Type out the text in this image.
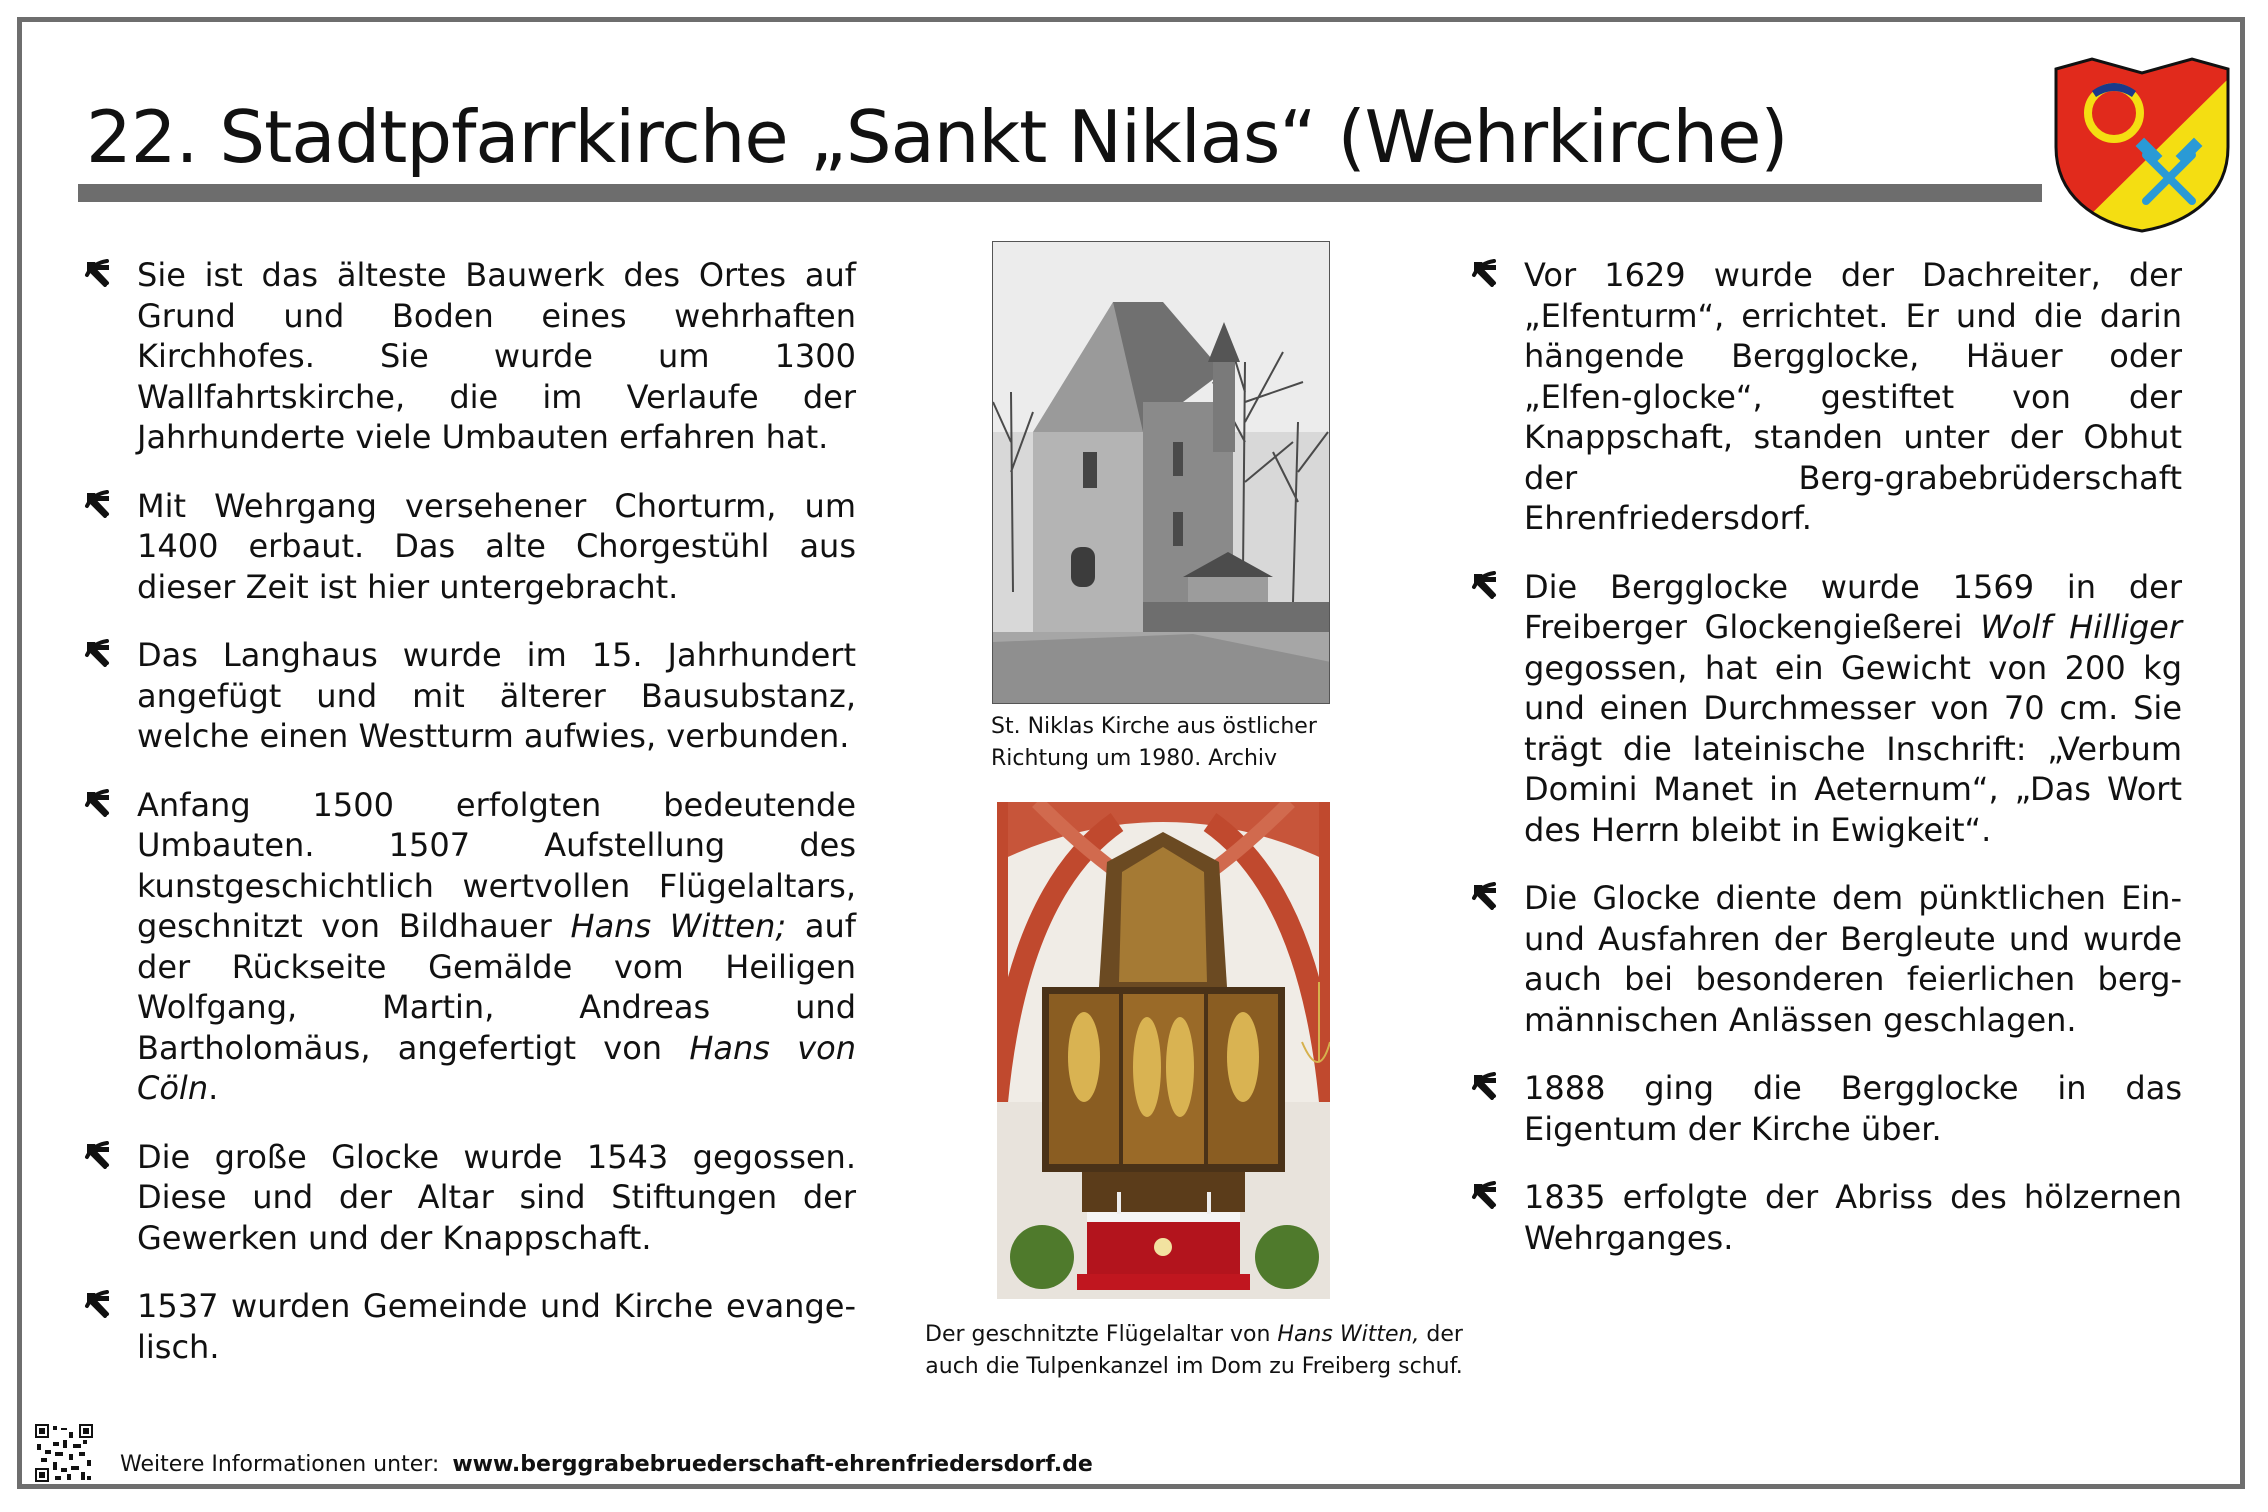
22. Stadtpfarrkirche „Sankt Niklas“ (Wehrkirche)
Sie ist das älteste Bauwerk des Ortes auf Grund und Boden eines wehrhaften Kirchhofes. Sie wurde um 1300 Wallfahrtskirche, die im Verlaufe der Jahrhunderte viele Umbauten erfahren hat.
Mit Wehrgang versehener Chorturm, um 1400 erbaut. Das alte Chorgestühl aus dieser Zeit ist hier untergebracht.
Das Langhaus wurde im 15. Jahrhundert angefügt und mit älterer Bausubstanz, welche einen Westturm aufwies, verbunden.
Anfang 1500 erfolgten bedeutende Umbauten. 1507 Aufstellung des kunstgeschichtlich wertvollen Flügelaltars, geschnitzt von Bildhauer Hans Witten; auf der Rückseite Gemälde vom Heiligen Wolfgang, Martin, Andreas und Bartholomäus, angefertigt von Hans von Cöln.
Die große Glocke wurde 1543 gegossen. Diese und der Altar sind Stiftungen der Gewerken und der Knappschaft.
1537 wurden Gemeinde und Kirche evange-lisch.
St. Niklas Kirche aus östlicher
Richtung um 1980. Archiv
Der geschnitzte Flügelaltar von Hans Witten, der
auch die Tulpenkanzel im Dom zu Freiberg schuf.
Vor 1629 wurde der Dachreiter, der „Elfenturm“, errichtet. Er und die darin hängende Bergglocke, Häuer oder „Elfen-glocke“, gestiftet von der Knappschaft, standen unter der Obhut der Berg-grabebrüderschaft Ehrenfriedersdorf.
Die Bergglocke wurde 1569 in der Freiberger Glockengießerei Wolf Hilliger gegossen, hat ein Gewicht von 200 kg und einen Durchmesser von 70 cm. Sie trägt die lateinische Inschrift: „Verbum Domini Manet in Aeternum“, „Das Wort des Herrn bleibt in Ewigkeit“.
Die Glocke diente dem pünktlichen Ein- und Ausfahren der Bergleute und wurde auch bei besonderen feierlichen berg-männischen Anlässen geschlagen.
1888 ging die Bergglocke in das Eigentum der Kirche über.
1835 erfolgte der Abriss des hölzernen Wehrganges.
Weitere Informationen unter: www.berggrabebruederschaft-ehrenfriedersdorf.de
